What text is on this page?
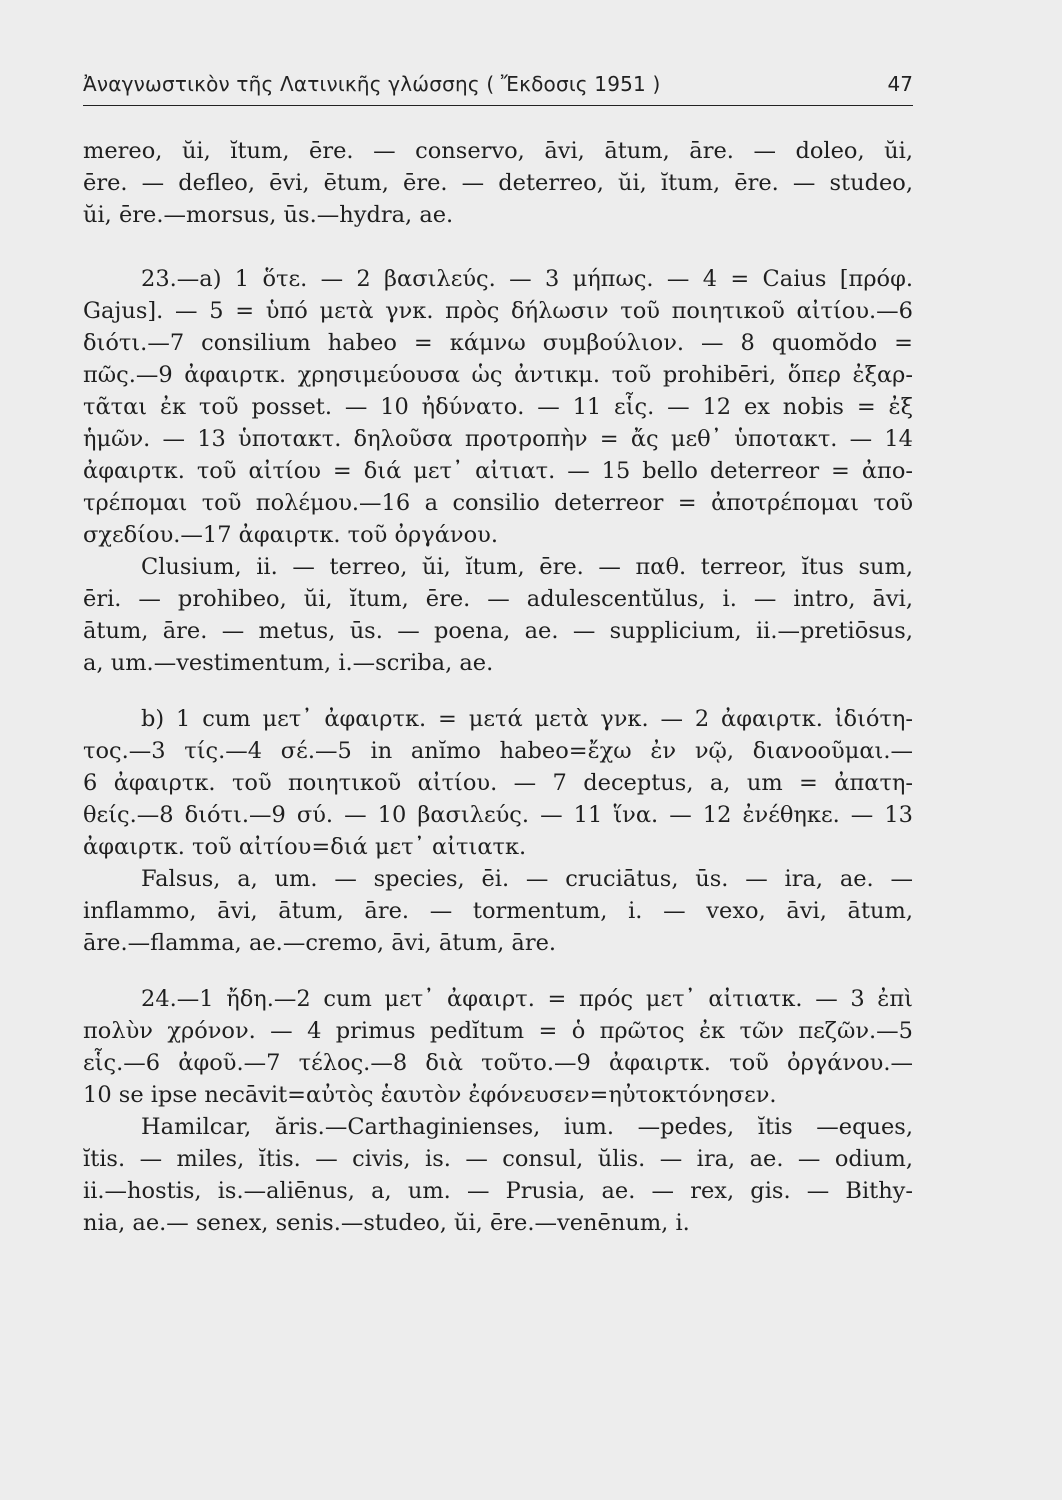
Ἀναγνωστικὸν τῆς Λατινικῆς γλώσσης ( Ἔκδοσις 1951 )	47

mereo, ŭi, ĭtum, ēre. — conservo, āvi, ātum, āre. — doleo, ŭi,
ēre. — defleo, ēvi, ētum, ēre. — deterreo, ŭi, ĭtum, ēre. — studeo,
ŭi, ēre.—morsus, ūs.—hydra, ae.

23.—a) 1 ὅτε. — 2 βασιλεύς. — 3 μήπως. — 4 = Caius [πρόφ.
Gajus]. — 5 = ὑπό μετὰ γνκ. πρὸς δήλωσιν τοῦ ποιητικοῦ αἰτίου.—6
διότι.—7 consilium habeo = κάμνω συμβούλιον. — 8 quomŏdo =
πῶς.—9 ἀφαιρτκ. χρησιμεύουσα ὡς ἀντικμ. τοῦ prohibēri, ὅπερ ἐξαρ-
τᾶται ἐκ τοῦ posset. — 10 ἠδύνατο. — 11 εἷς. — 12 ex nobis = ἐξ
ἡμῶν. — 13 ὑποτακτ. δηλοῦσα προτροπὴν = ἄς μεθ᾽ ὑποτακτ. — 14
ἀφαιρτκ. τοῦ αἰτίου = διά μετ᾽ αἰτιατ. — 15 bello deterreor = ἀπο-
τρέπομαι τοῦ πολέμου.—16 a consilio deterreor = ἀποτρέπομαι τοῦ
σχεδίου.—17 ἀφαιρτκ. τοῦ ὀργάνου.

Clusium, ii. — terreo, ŭi, ĭtum, ēre. — παθ. terreor, ĭtus sum,
ēri. — prohibeo, ŭi, ĭtum, ēre. — adulescentŭlus, i. — intro, āvi,
ātum, āre. — metus, ūs. — poena, ae. — supplicium, ii.—pretiōsus,
a, um.—vestimentum, i.—scriba, ae.

b) 1 cum μετ᾽ ἀφαιρτκ. = μετά μετὰ γνκ. — 2 ἀφαιρτκ. ἰδιότη-
τος.—3 τίς.—4 σέ.—5 in anĭmo habeo=ἔχω ἐν νῷ, διανοοῦμαι.—
6 ἀφαιρτκ. τοῦ ποιητικοῦ αἰτίου. — 7 deceptus, a, um = ἀπατη-
θείς.—8 διότι.—9 σύ. — 10 βασιλεύς. — 11 ἵνα. — 12 ἐνέθηκε. — 13
ἀφαιρτκ. τοῦ αἰτίου=διά μετ᾽ αἰτιατκ.

Falsus, a, um. — species, ēi. — cruciātus, ūs. — ira, ae. —
inflammo, āvi, ātum, āre. — tormentum, i. — vexo, āvi, ātum,
āre.—flamma, ae.—cremo, āvi, ātum, āre.

24.—1 ἤδη.—2 cum μετ᾽ ἀφαιρτ. = πρός μετ᾽ αἰτιατκ. — 3 ἐπὶ
πολὺν χρόνον. — 4 primus pedĭtum = ὁ πρῶτος ἐκ τῶν πεζῶν.—5
εἷς.—6 ἀφοῦ.—7 τέλος.—8 διὰ τοῦτο.—9 ἀφαιρτκ. τοῦ ὀργάνου.—
10 se ipse necāvit=αὐτὸς ἑαυτὸν ἐφόνευσεν=ηὐτοκτόνησεν.

Hamilcar, ăris.—Carthaginienses, ium. —pedes, ĭtis —eques,
ĭtis. — miles, ĭtis. — civis, is. — consul, ŭlis. — ira, ae. — odium,
ii.—hostis, is.—aliēnus, a, um. — Prusia, ae. — rex, gis. — Bithy-
nia, ae.— senex, senis.—studeo, ŭi, ēre.—venēnum, i.
